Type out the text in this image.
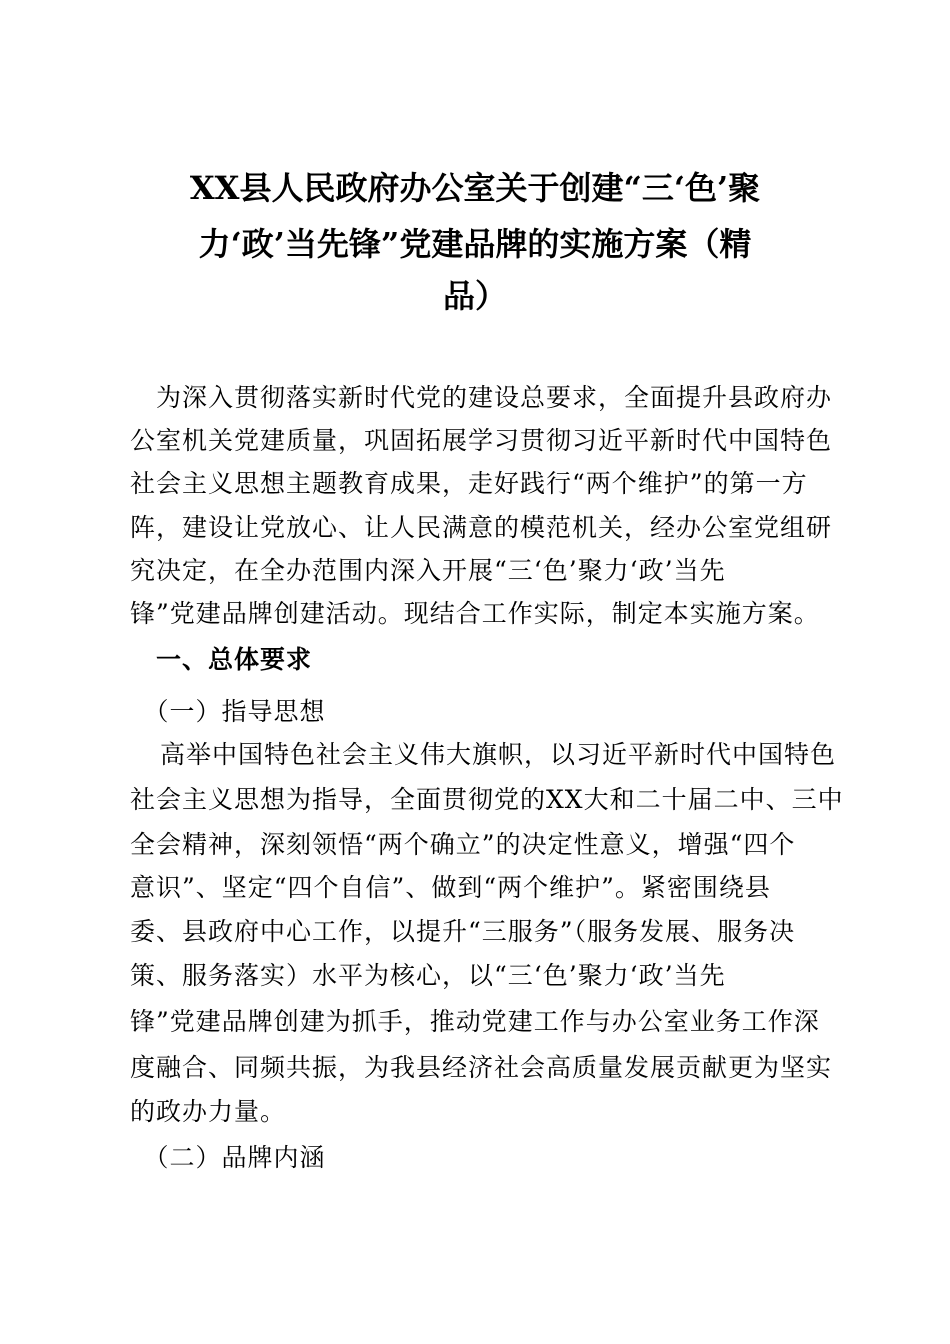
XX县人民政府办公室关于创建“三‘色’聚
力‘政’当先锋”党建品牌的实施方案（精
品）
　为深入贯彻落实新时代党的建设总要求，全面提升县政府办
公室机关党建质量，巩固拓展学习贯彻习近平新时代中国特色
社会主义思想主题教育成果，走好践行“两个维护”的第一方
阵，建设让党放心、让人民满意的模范机关，经办公室党组研
究决定，在全办范围内深入开展“三‘色’聚力‘政’当先
锋”党建品牌创建活动。现结合工作实际，制定本实施方案。
　一、总体要求
　（一）指导思想
高举中国特色社会主义伟大旗帜，以习近平新时代中国特色
社会主义思想为指导，全面贯彻党的XX大和二十届二中、三中
全会精神，深刻领悟“两个确立”的决定性意义，增强“四个
意识”、坚定“四个自信”、做到“两个维护”。紧密围绕县
委、县政府中心工作，以提升“三服务”（服务发展、服务决
策、服务落实）水平为核心，以“三‘色’聚力‘政’当先
锋”党建品牌创建为抓手，推动党建工作与办公室业务工作深
度融合、同频共振，为我县经济社会高质量发展贡献更为坚实
的政办力量。
　（二）品牌内涵
